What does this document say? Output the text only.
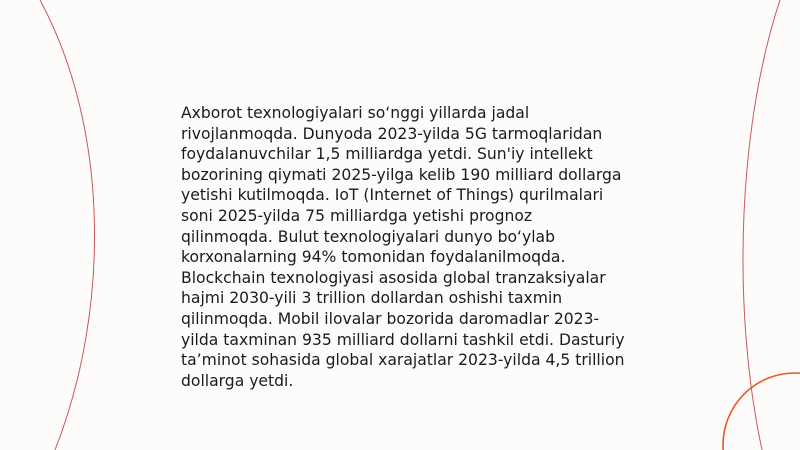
Axborot texnologiyalari so‘nggi yillarda jadal rivojlanmoqda. Dunyoda 2023-yilda 5G tarmoqlaridan foydalanuvchilar 1,5 milliardga yetdi. Sun'iy intellekt bozorining qiymati 2025-yilga kelib 190 milliard dollarga yetishi kutilmoqda. IoT (Internet of Things) qurilmalari soni 2025-yilda 75 milliardga yetishi prognoz qilinmoqda. Bulut texnologiyalari dunyo bo‘ylab korxonalarning 94% tomonidan foydalanilmoqda. Blockchain texnologiyasi asosida global tranzaksiyalar hajmi 2030-yili 3 trillion dollardan oshishi taxmin qilinmoqda. Mobil ilovalar bozorida daromadlar 2023-yilda taxminan 935 milliard dollarni tashkil etdi. Dasturiy ta’minot sohasida global xarajatlar 2023-yilda 4,5 trillion dollarga yetdi.
